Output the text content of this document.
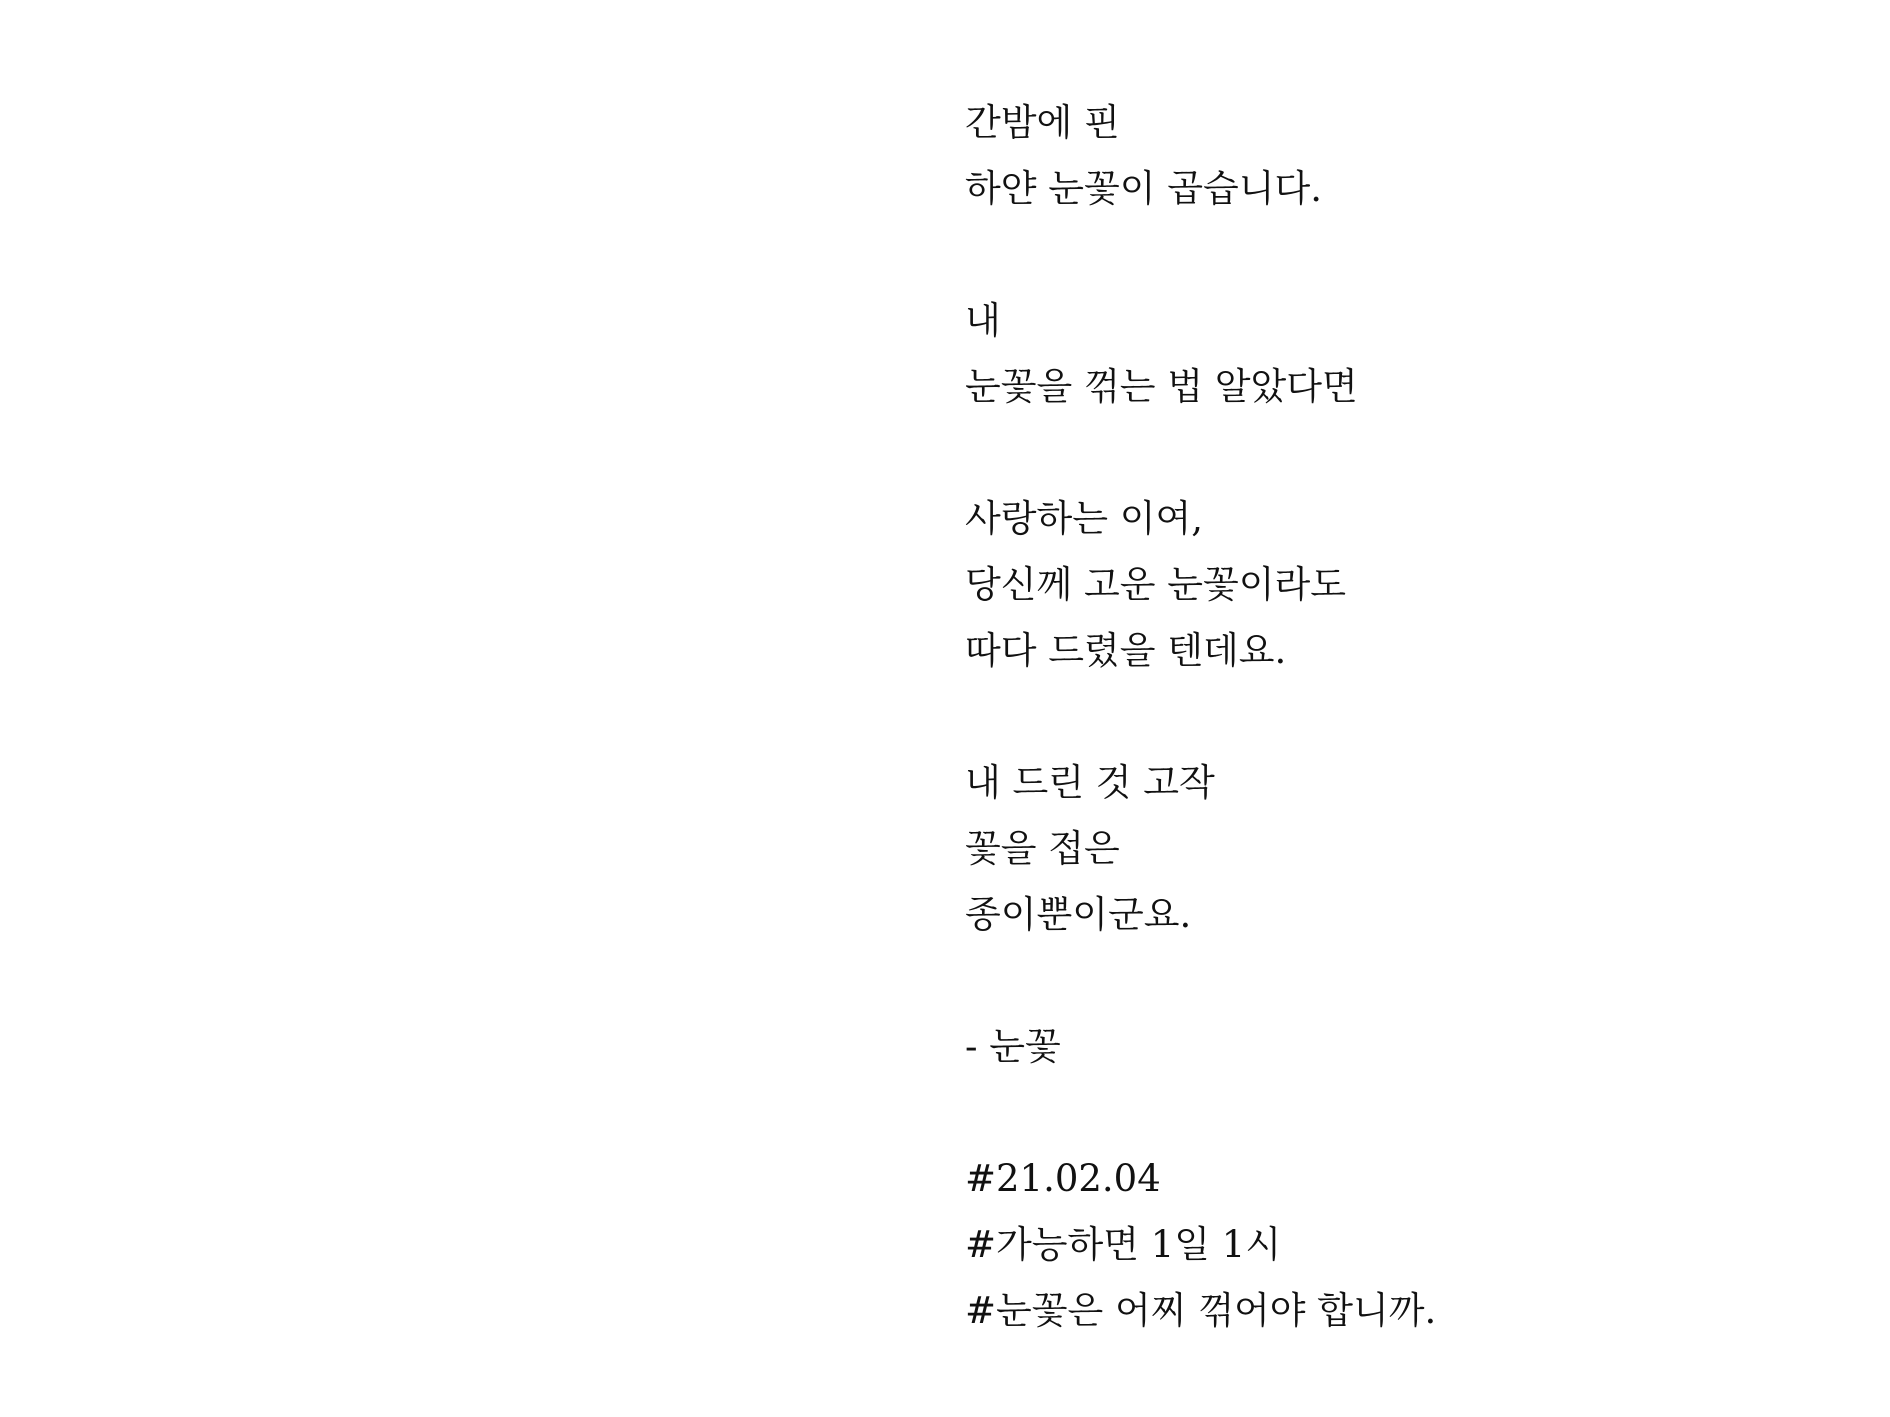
간밤에 핀
하얀 눈꽃이 곱습니다.
내
눈꽃을 꺾는 법 알았다면
사랑하는 이여,
당신께 고운 눈꽃이라도
따다 드렸을 텐데요.
내 드린 것 고작
꽃을 접은
종이뿐이군요.
- 눈꽃
#21.02.04
#가능하면 1일 1시
#눈꽃은 어찌 꺾어야 합니까.
